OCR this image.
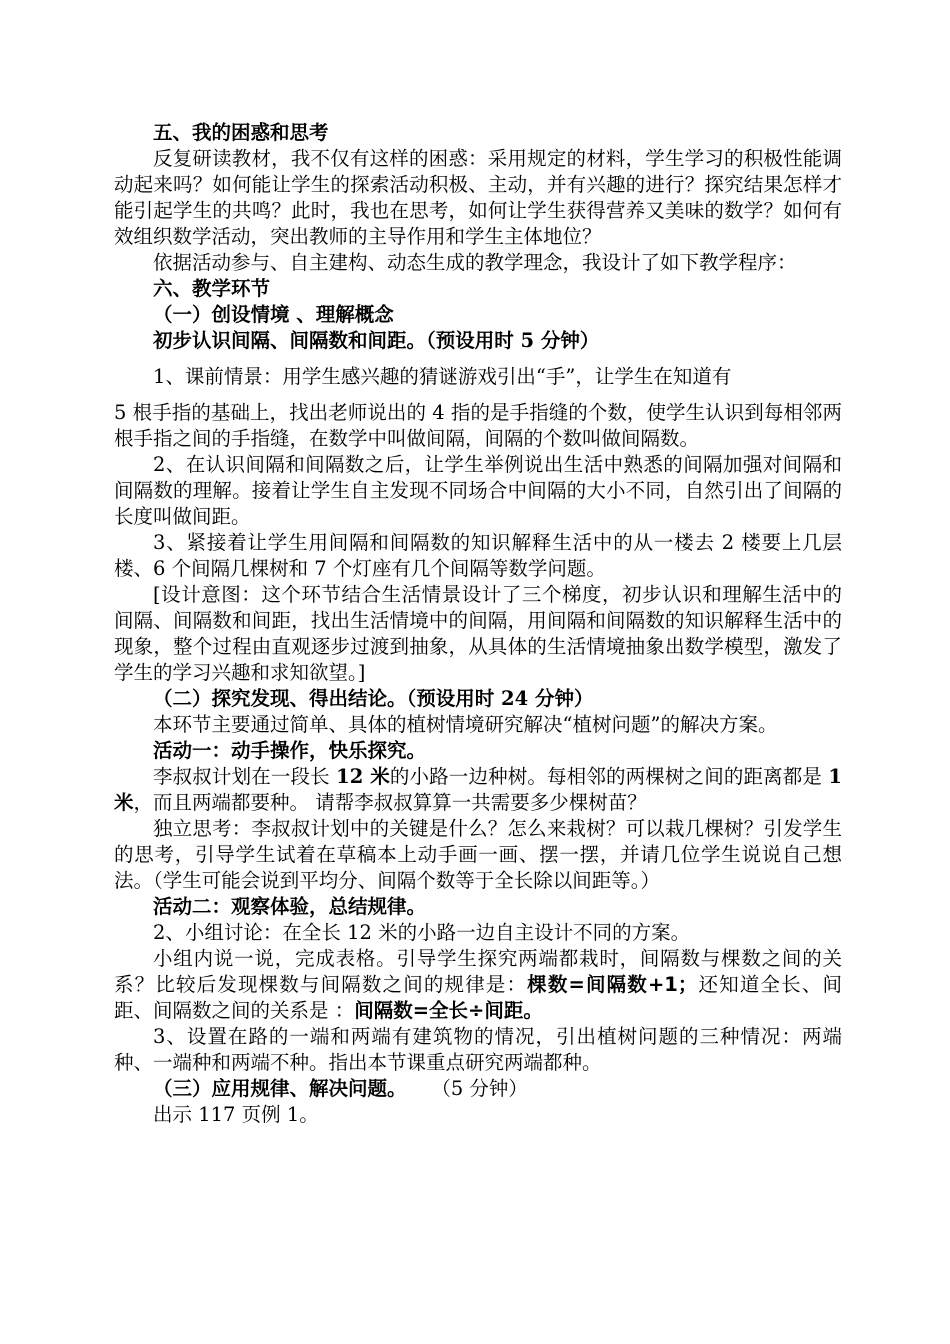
五、我的困惑和思考

反复研读教材，我不仅有这样的困惑：采用规定的材料，学生学习的积极性能调动起来吗？如何能让学生的探索活动积极、主动，并有兴趣的进行？探究结果怎样才能引起学生的共鸣？此时，我也在思考，如何让学生获得营养又美味的数学？如何有效组织数学活动，突出教师的主导作用和学生主体地位？

依据活动参与、自主建构、动态生成的教学理念，我设计了如下教学程序：

六、教学环节

（一）创设情境 、理解概念

初步认识间隔、间隔数和间距。（预设用时 5 分钟）

1、课前情景：用学生感兴趣的猜谜游戏引出“手”，让学生在知道有

5 根手指的基础上，找出老师说出的 4 指的是手指缝的个数，使学生认识到每相邻两根手指之间的手指缝，在数学中叫做间隔，间隔的个数叫做间隔数。

2、在认识间隔和间隔数之后，让学生举例说出生活中熟悉的间隔加强对间隔和间隔数的理解。接着让学生自主发现不同场合中间隔的大小不同，自然引出了间隔的长度叫做间距。

3、紧接着让学生用间隔和间隔数的知识解释生活中的从一楼去 2 楼要上几层楼、6 个间隔几棵树和 7 个灯座有几个间隔等数学问题。

[设计意图：这个环节结合生活情景设计了三个梯度，初步认识和理解生活中的间隔、间隔数和间距，找出生活情境中的间隔，用间隔和间隔数的知识解释生活中的现象，整个过程由直观逐步过渡到抽象，从具体的生活情境抽象出数学模型，激发了学生的学习兴趣和求知欲望。]

（二）探究发现、得出结论。（预设用时 24 分钟）

本环节主要通过简单、具体的植树情境研究解决“植树问题”的解决方案。

活动一：动手操作，快乐探究。

李叔叔计划在一段长 12 米的小路一边种树。每相邻的两棵树之间的距离都是 1 米，而且两端都要种。 请帮李叔叔算算一共需要多少棵树苗？

独立思考：李叔叔计划中的关键是什么？怎么来栽树？可以栽几棵树？引发学生的思考，引导学生试着在草稿本上动手画一画、摆一摆，并请几位学生说说自己想法。（学生可能会说到平均分、间隔个数等于全长除以间距等。）

活动二：观察体验，总结规律。

2、小组讨论：在全长 12 米的小路一边自主设计不同的方案。

小组内说一说，完成表格。引导学生探究两端都栽时，间隔数与棵数之间的关系？比较后发现棵数与间隔数之间的规律是：棵数=间隔数+1；还知道全长、间距、间隔数之间的关系是 ：间隔数=全长÷间距。

3、设置在路的一端和两端有建筑物的情况，引出植树问题的三种情况：两端种、一端种和两端不种。指出本节课重点研究两端都种。

（三）应用规律、解决问题。 （5 分钟）

出示 117 页例 1。
